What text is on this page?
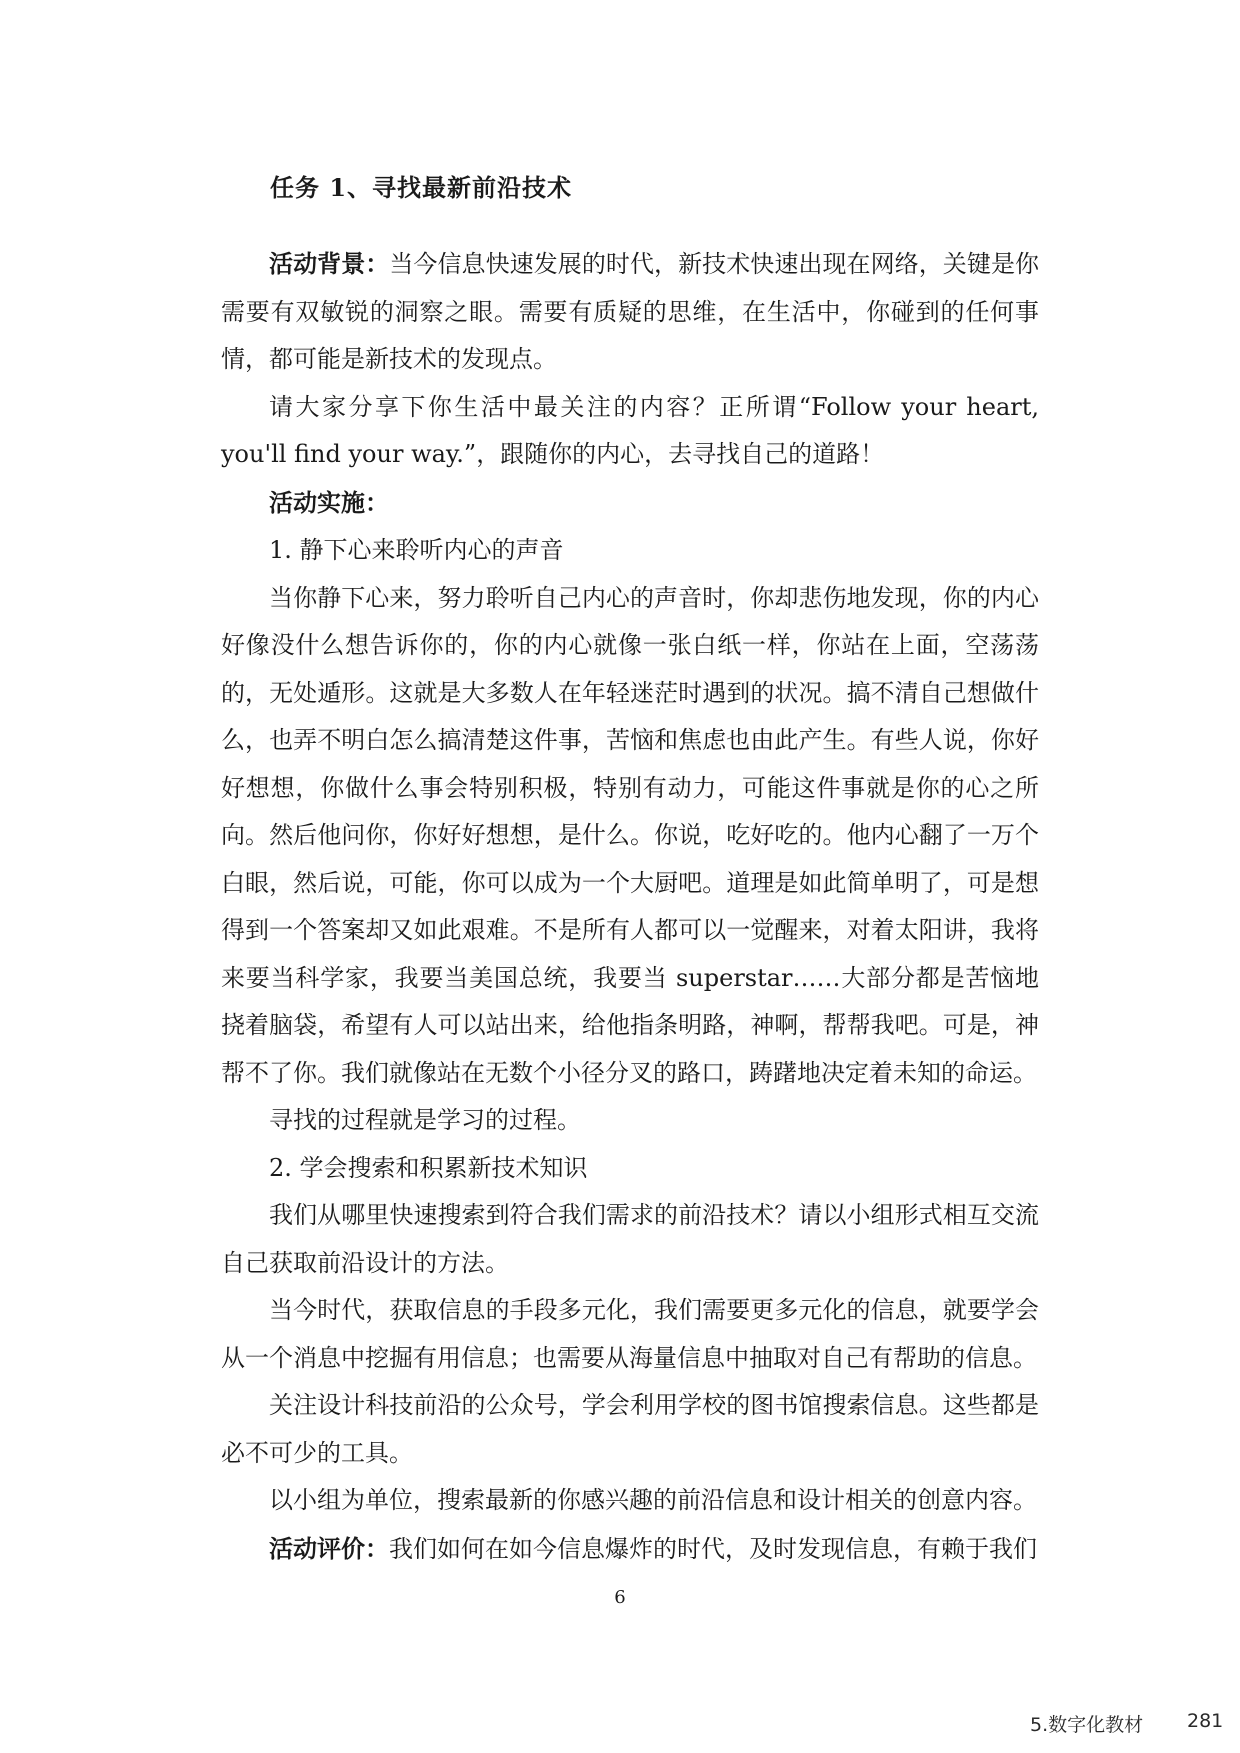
任务 1、寻找最新前沿技术

活动背景：当今信息快速发展的时代，新技术快速出现在网络，关键是你需要有双敏锐的洞察之眼。需要有质疑的思维，在生活中，你碰到的任何事情，都可能是新技术的发现点。

请大家分享下你生活中最关注的内容？正所谓“Follow your heart, you'll find your way.”，跟随你的内心，去寻找自己的道路！

活动实施：

1. 静下心来聆听内心的声音

当你静下心来，努力聆听自己内心的声音时，你却悲伤地发现，你的内心好像没什么想告诉你的，你的内心就像一张白纸一样，你站在上面，空荡荡的，无处遁形。这就是大多数人在年轻迷茫时遇到的状况。搞不清自己想做什么，也弄不明白怎么搞清楚这件事，苦恼和焦虑也由此产生。有些人说，你好好想想，你做什么事会特别积极，特别有动力，可能这件事就是你的心之所向。然后他问你，你好好想想，是什么。你说，吃好吃的。他内心翻了一万个白眼，然后说，可能，你可以成为一个大厨吧。道理是如此简单明了，可是想得到一个答案却又如此艰难。不是所有人都可以一觉醒来，对着太阳讲，我将来要当科学家，我要当美国总统，我要当 superstar……大部分都是苦恼地挠着脑袋，希望有人可以站出来，给他指条明路，神啊，帮帮我吧。可是，神帮不了你。我们就像站在无数个小径分叉的路口，踌躇地决定着未知的命运。

寻找的过程就是学习的过程。

2. 学会搜索和积累新技术知识

我们从哪里快速搜索到符合我们需求的前沿技术？请以小组形式相互交流自己获取前沿设计的方法。

当今时代，获取信息的手段多元化，我们需要更多元化的信息，就要学会从一个消息中挖掘有用信息；也需要从海量信息中抽取对自己有帮助的信息。

关注设计科技前沿的公众号，学会利用学校的图书馆搜索信息。这些都是必不可少的工具。

以小组为单位，搜索最新的你感兴趣的前沿信息和设计相关的创意内容。

活动评价：我们如何在如今信息爆炸的时代，及时发现信息，有赖于我们

6
5.数字化教材 281
